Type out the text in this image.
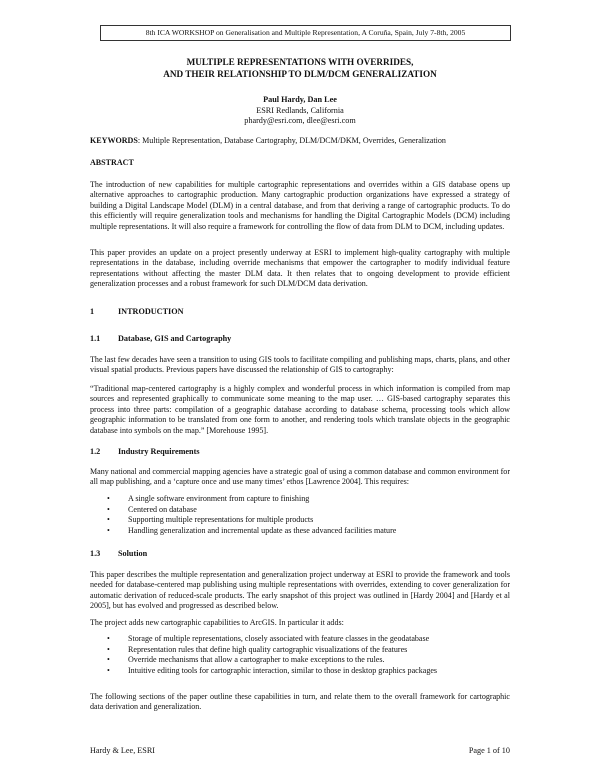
8th ICA WORKSHOP on Generalisation and Multiple Representation, A Coruña, Spain, July 7-8th, 2005
MULTIPLE REPRESENTATIONS WITH OVERRIDES,
AND THEIR RELATIONSHIP TO DLM/DCM GENERALIZATION
Paul Hardy, Dan Lee
ESRI Redlands, California
phardy@esri.com, dlee@esri.com
KEYWORDS: Multiple Representation, Database Cartography, DLM/DCM/DKM, Overrides, Generalization
ABSTRACT
The introduction of new capabilities for multiple cartographic representations and overrides within a GIS database opens up alternative approaches to cartographic production. Many cartographic production organizations have expressed a strategy of building a Digital Landscape Model (DLM) in a central database, and from that deriving a range of cartographic products. To do this efficiently will require generalization tools and mechanisms for handling the Digital Cartographic Models (DCM) including multiple representations. It will also require a framework for controlling the flow of data from DLM to DCM, including updates.
This paper provides an update on a project presently underway at ESRI to implement high-quality cartography with multiple representations in the database, including override mechanisms that empower the cartographer to modify individual feature representations without affecting the master DLM data. It then relates that to ongoing development to provide efficient generalization processes and a robust framework for such DLM/DCM data derivation.
1	INTRODUCTION
1.1 Database, GIS and Cartography
The last few decades have seen a transition to using GIS tools to facilitate compiling and publishing maps, charts, plans, and other visual spatial products. Previous papers have discussed the relationship of GIS to cartography:
“Traditional map-centered cartography is a highly complex and wonderful process in which information is compiled from map sources and represented graphically to communicate some meaning to the map user. … GIS-based cartography separates this process into three parts: compilation of a geographic database according to database schema, processing tools which allow geographic information to be translated from one form to another, and rendering tools which translate objects in the geographic database into symbols on the map.” [Morehouse 1995].
1.2 Industry Requirements
Many national and commercial mapping agencies have a strategic goal of using a common database and common environment for all map publishing, and a ‘capture once and use many times’ ethos [Lawrence 2004]. This requires:
• A single software environment from capture to finishing
• Centered on database
• Supporting multiple representations for multiple products
• Handling generalization and incremental update as these advanced facilities mature
1.3 Solution
This paper describes the multiple representation and generalization project underway at ESRI to provide the framework and tools needed for database-centered map publishing using multiple representations with overrides, extending to cover generalization for automatic derivation of reduced-scale products. The early snapshot of this project was outlined in [Hardy 2004] and [Hardy et al 2005], but has evolved and progressed as described below.
The project adds new cartographic capabilities to ArcGIS. In particular it adds:
• Storage of multiple representations, closely associated with feature classes in the geodatabase
• Representation rules that define high quality cartographic visualizations of the features
• Override mechanisms that allow a cartographer to make exceptions to the rules.
• Intuitive editing tools for cartographic interaction, similar to those in desktop graphics packages
The following sections of the paper outline these capabilities in turn, and relate them to the overall framework for cartographic data derivation and generalization.
Hardy & Lee, ESRI	Page 1 of 10
